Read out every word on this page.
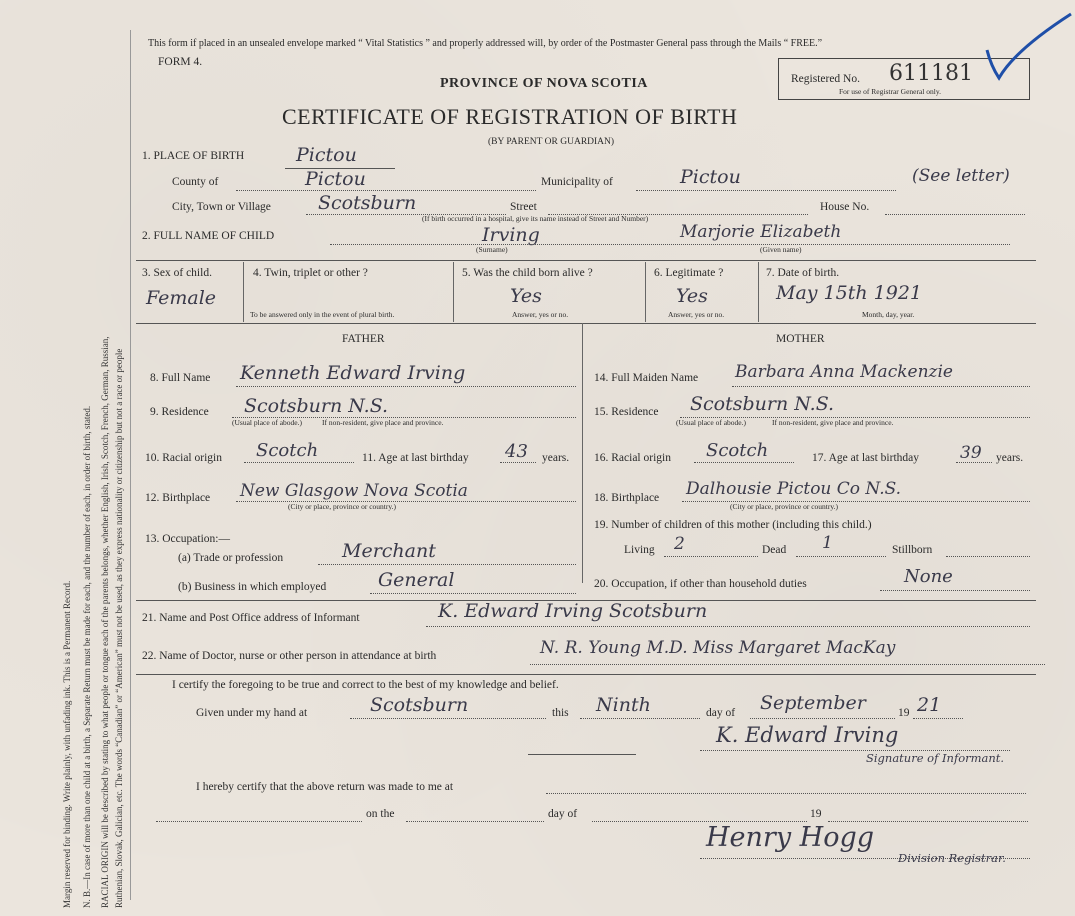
Margin reserved for binding. Write plainly, with unfading ink. This is a Permanent Record. N. B.—In case of more than one child at a birth, a Separate Return must be made for each, and the number of each, in order of birth, stated. RACIAL ORIGIN will be described by stating to what people or tongue each of the parents belongs, whether English, Irish, Scotch, French, German, Russian, Ruthenian, Slovak, Galician, etc. The words “Canadian” or “American” must not be used, as they express nationality or citizenship but not a race or people
This form if placed in an unsealed envelope marked “ Vital Statistics ” and properly addressed will, by order of the Postmaster General pass through the Mails “ FREE.”
FORM 4.
PROVINCE OF NOVA SCOTIA
CERTIFICATE OF REGISTRATION OF BIRTH
(BY PARENT OR GUARDIAN)
Registered No. 611181
For use of Registrar General only.
1. PLACE OF BIRTH	Pictou
County of	Pictou	Municipality of	Pictou	(See letter)
City, Town or Village Scotsburn	Street	House No.
(If birth occurred in a hospital, give its name instead of Street and Number)
2. FULL NAME OF CHILD	Irving	Marjorie Elizabeth
(Surname)	(Given name)
3. Sex of child.
Female
4. Twin, triplet or other ?
To be answered only in the event of plural birth.
5. Was the child born alive ?
Yes
Answer, yes or no.
6. Legitimate ?
Yes
Answer, yes or no.
7. Date of birth.
May 15th 1921
Month, day, year.
FATHER	MOTHER
8. Full Name Kenneth Edward Irving
9. Residence Scotsburn N.S.
(Usual place of abode.)	If non-resident, give place and province.
10. Racial origin Scotch	11. Age at last birthday 43 years.
12. Birthplace New Glasgow Nova Scotia
(City or place, province or country.)
13. Occupation:—
(a) Trade or profession	Merchant
(b) Business in which employed	General
14. Full Maiden Name Barbara Anna Mackenzie
15. Residence Scotsburn N.S.
(Usual place of abode.)	If non-resident, give place and province.
16. Racial origin Scotch	17. Age at last birthday 39 years.
18. Birthplace Dalhousie Pictou Co N.S.
(City or place, province or country.)
19. Number of children of this mother (including this child.)
Living 2	Dead 1	Stillborn
20. Occupation, if other than household duties	None
21. Name and Post Office address of Informant	K. Edward Irving Scotsburn
22. Name of Doctor, nurse or other person in attendance at birth	N. R. Young M.D. Miss Margaret MacKay
I certify the foregoing to be true and correct to the best of my knowledge and belief.
Given under my hand at	Scotsburn	this Ninth	day of September	19 21
K. Edward Irving
Signature of Informant.
I hereby certify that the above return was made to me at
on the	day of	19
Henry Hogg
Division Registrar.
